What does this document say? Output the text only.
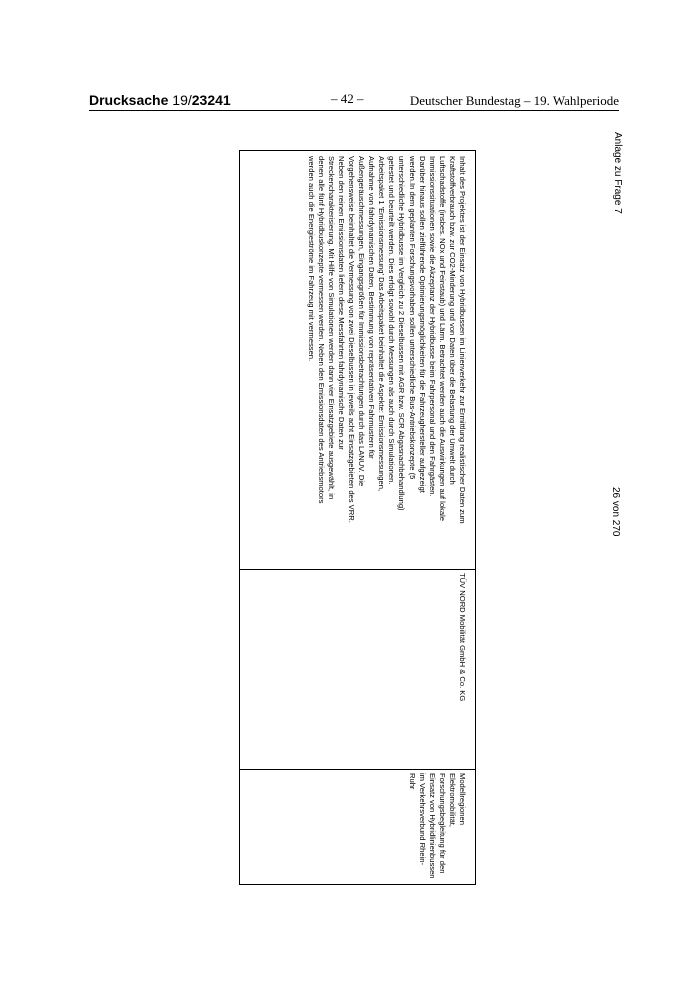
Drucksache 19/23241	– 42 –	Deutscher Bundestag – 19. Wahlperiode
Anlage zu Frage 7
26 von 270
Inhalt des Projektes ist der Einsatz von Hybridbussen im Linienverkehr zur Ermittlung realistischer Daten zum
Kraftstoffverbrauch bzw. zur CO2-Minderung und von Daten über die Belastung der Umwelt durch
Luftschadstoffe (insbes. NOx und Feinstaub) und Lärm. Betrachtet werden auch die Auswirkungen auf lokale
Immissionssituationen sowie die Akzeptanz der Hybridbusse beim Fahrpersonal und den Fahrgästen.
Darüber hinaus sollen zielführende Optimierungsmöglichkeiten für die Fahrzeughersteller aufgezeigt
werden.In dem geplanten Forschungsvorhaben sollen unterschiedliche Bus-Antriebskonzepte (5
unterschiedliche Hybridbusse im Vergleich zu 2 Dieselbussen mit AGR bzw. SCR Abgasnachbehandlung)
getestet und beurteilt werden. Dies erfolgt sowohl durch Messungen als auch durch Simulationen.
Arbeitspaket 1 'Emissionsmessung' Das Arbeitspaket beinhaltet die Aspekte: Emissionsmessungen,
Aufnahme von fahrdynamischen Daten, Bestimmung von repräsentativen Fahrmustern für
Außengeräuschmessungen, Eingangsgrößen für Immissionsbetrachtungen durch das LANUV. Die
Vorgehensweise beinhaltet die Vermessung von zwei Dieselbussen in jeweils acht Einsatzgebieten des VRR.
Neben den reinen Emissionsdaten liefern diese Messfahrten fahrdynamische Daten zur
Streckencharakterisierung. Mit Hilfe von Simulationen werden dann vier Einsatzgebiete ausgewählt, in
denen alle fünf Hybridbuskonzepte vermessen werden. Neben den Emissionsdaten des Antriebsmotors
werden auch die Energieströme im Fahrzeug mit vermessen.
TÜV NORD Mobilität GmbH & Co. KG
Modellregionen
Elektromobilität,
Forschungsbegleitung für den
Einsatz von Hybridlinienbussen
im Verkehrsverbund Rhein-
Ruhr
